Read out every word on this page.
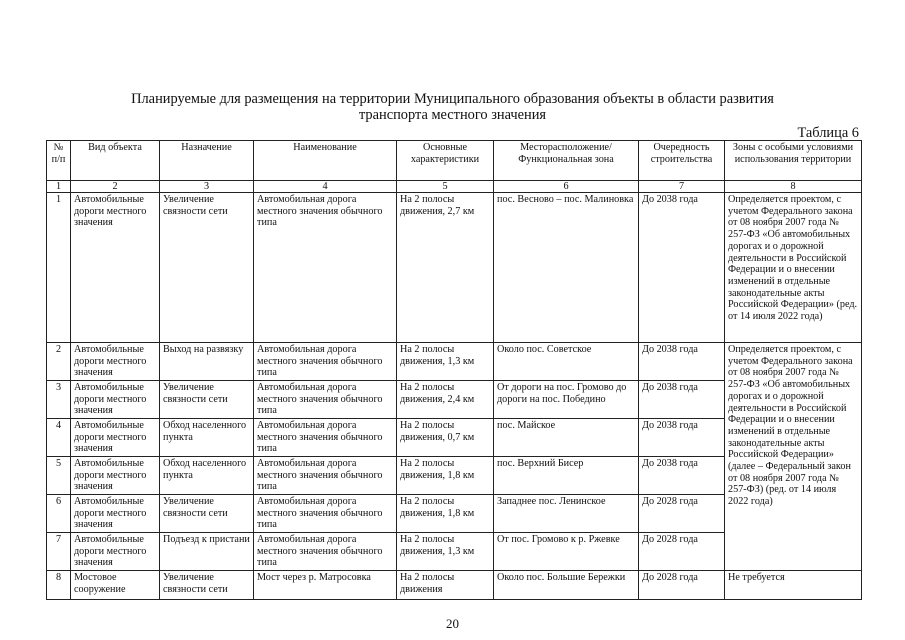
Планируемые для размещения на территории Муниципального образования объекты в области развития
транспорта местного значения
Таблица 6
№ п/п	Вид объекта	Назначение	Наименование	Основные характеристики	Месторасположение/ Функциональная зона	Очередность строительства	Зоны с особыми условиями использования территории
1	2	3	4	5	6	7	8
1	Автомобильные дороги местного значения	Увеличение связности сети	Автомобильная дорога местного значения обычного типа	На 2 полосы движения, 2,7 км	пос. Весново – пос. Малиновка	До 2038 года	Определяется проектом, с учетом Федерального закона от 08 ноября 2007 года № 257-ФЗ «Об автомобильных дорогах и о дорожной деятельности в Российской Федерации и о внесении изменений в отдельные законодательные акты Российской Федерации» (ред. от 14 июля 2022 года)
2	Автомобильные дороги местного значения	Выход на развязку	Автомобильная дорога местного значения обычного типа	На 2 полосы движения, 1,3 км	Около пос. Советское	До 2038 года	Определяется проектом, с учетом Федерального закона от 08 ноября 2007 года № 257-ФЗ «Об автомобильных дорогах и о дорожной деятельности в Российской Федерации и о внесении изменений в отдельные законодательные акты Российской Федерации» (далее – Федеральный закон от 08 ноября 2007 года № 257-ФЗ) (ред. от 14 июля 2022 года)

3	Автомобильные дороги местного значения	Увеличение связности сети	Автомобильная дорога местного значения обычного типа	На 2 полосы движения, 2,4 км	От дороги на пос. Громово до дороги на пос. Победино	До 2038 года	
4	Автомобильные дороги местного значения	Обход населенного пункта	Автомобильная дорога местного значения обычного типа	На 2 полосы движения, 0,7 км	пос. Майское	До 2038 года	
5	Автомобильные дороги местного значения	Обход населенного пункта	Автомобильная дорога местного значения обычного типа	На 2 полосы движения, 1,8 км	пос. Верхний Бисер	До 2038 года	
6	Автомобильные дороги местного значения	Увеличение связности сети	Автомобильная дорога местного значения обычного типа	На 2 полосы движения, 1,8 км	Западнее пос. Ленинское	До 2028 года	
7	Автомобильные дороги местного значения	Подъезд к пристани	Автомобильная дорога местного значения обычного типа	На 2 полосы движения, 1,3 км	От пос. Громово к р. Ржевке	До 2028 года	
8	Мостовое сооружение	Увеличение связности сети	Мост через р. Матросовка	На 2 полосы движения	Около пос. Большие Бережки	До 2028 года	Не требуется
20
